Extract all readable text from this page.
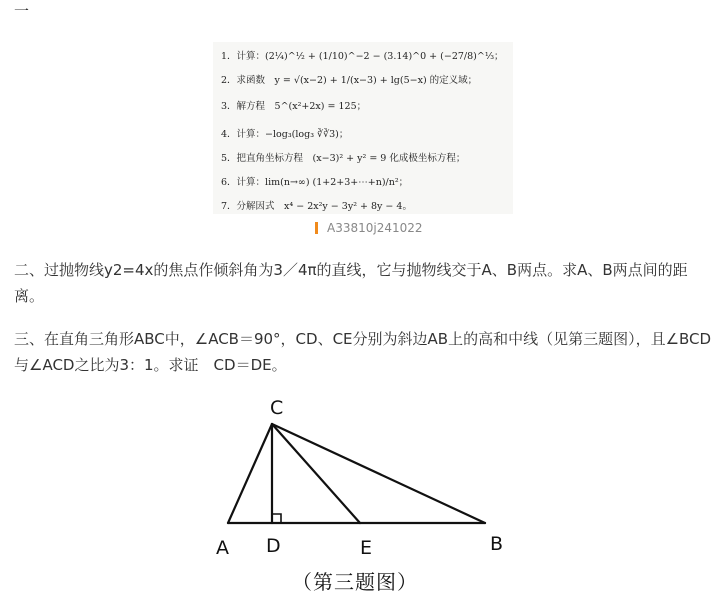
一
1．计算：(2¼)^½ + (1/10)^−2 − (3.14)^0 + (−27/8)^⅓；
2．求函数　y = √(x−2) + 1/(x−3) + lg(5−x) 的定义域；
3．解方程　5^(x²+2x) = 125；
4．计算：−log₃(log₃ ∛∛3)；
5．把直角坐标方程　(x−3)² + y² = 9 化成极坐标方程；
6．计算：lim(n→∞) (1+2+3+⋯+n)/n²；
7．分解因式　x⁴ − 2x²y − 3y² + 8y − 4。
A33810j241022
二、过抛物线y2=4x的焦点作倾斜角为3／4π的直线，它与抛物线交于A、B两点。求A、B两点间的距离。
三、在直角三角形ABC中，∠ACB＝90°，CD、CE分别为斜边AB上的高和中线（见第三题图），且∠BCD与∠ACD之比为3：1。求证　CD＝DE。
C
A D	E	B
（第三题图）
